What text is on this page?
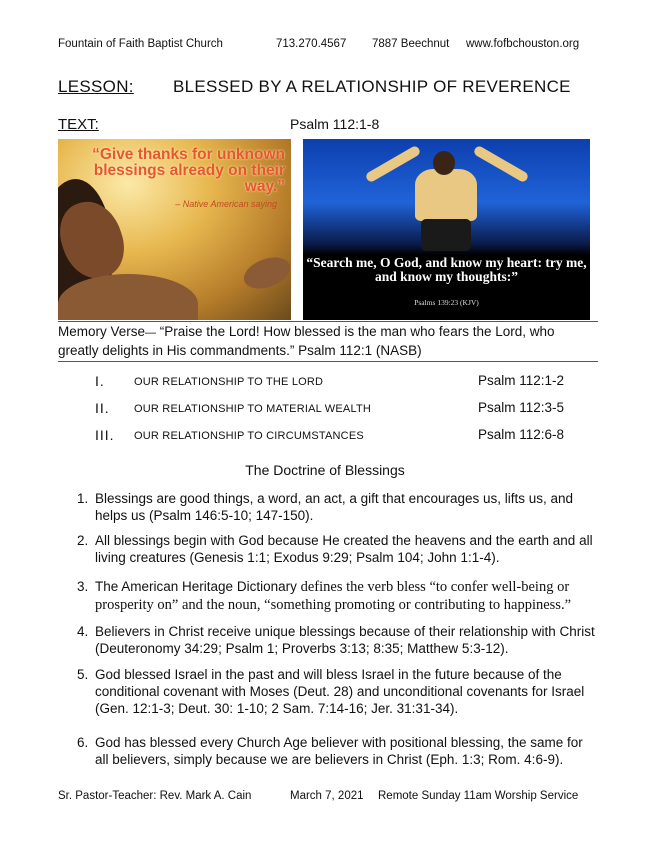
Fountain of Faith Baptist Church	713.270.4567 7887 Beechnut www.fofbchouston.org
LESSON: BLESSED BY A RELATIONSHIP OF REVERENCE
TEXT:	Psalm 112:1-8
“Give thanks for unknown blessings already on their way.”
– Native American saying
“Search me, O God, and know my heart: try me, and know my thoughts:”
Psalms 139:23 (KJV)
Memory Verse— “Praise the Lord! How blessed is the man who fears the Lord, who greatly delights in His commandments.” Psalm 112:1 (NASB)
I.	OUR RELATIONSHIP TO THE LORD	Psalm 112:1-2
II. OUR RELATIONSHIP TO MATERIAL WEALTH	Psalm 112:3-5
III. OUR RELATIONSHIP TO CIRCUMSTANCES	Psalm 112:6-8
The Doctrine of Blessings
1. Blessings are good things, a word, an act, a gift that encourages us, lifts us, and helps us (Psalm 146:5-10; 147-150).
2. All blessings begin with God because He created the heavens and the earth and all living creatures (Genesis 1:1; Exodus 9:29; Psalm 104; John 1:1-4).
3. The American Heritage Dictionary defines the verb bless “to confer well-being or prosperity on” and the noun, “something promoting or contributing to happiness.”
4. Believers in Christ receive unique blessings because of their relationship with Christ (Deuteronomy 34:29; Psalm 1; Proverbs 3:13; 8:35; Matthew 5:3-12).
5. God blessed Israel in the past and will bless Israel in the future because of the conditional covenant with Moses (Deut. 28) and unconditional covenants for Israel (Gen. 12:1-3; Deut. 30: 1-10; 2 Sam. 7:14-16; Jer. 31:31-34).
6. God has blessed every Church Age believer with positional blessing, the same for all believers, simply because we are believers in Christ (Eph. 1:3; Rom. 4:6-9).
Sr. Pastor-Teacher: Rev. Mark A. Cain	March 7, 2021 Remote Sunday 11am Worship Service
